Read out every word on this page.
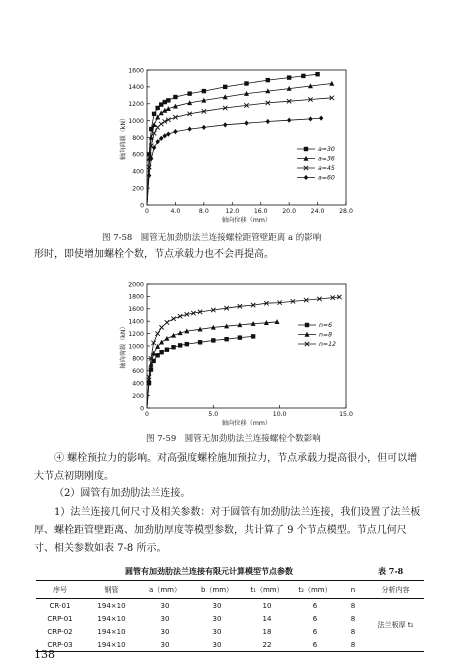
0
200
400
600
800
1000
1200
1400
1600
0	4.0	8.0	12.0 16.0 20.0 24.0 28.0
轴向位移（mm）
轴向荷载（kN）	a=30
a=36
a=45
a=60
图 7-58　圆管无加劲肋法兰连接螺栓距管壁距离 a 的影响
形时，即使增加螺栓个数，节点承载力也不会再提高。
0
200
400
600
800
1000
1200
1400
1600
1800
2000
0	5.0	10.0	15.0
轴向位移（mm）
轴向荷载（kN）	n=6
n=8
n=12
图 7-59　圆管无加劲肋法兰连接螺栓个数影响
④ 螺栓预拉力的影响。对高强度螺栓施加预拉力，节点承载力提高很小，但可以增大节点初期刚度。
（2）圆管有加劲肋法兰连接。
1）法兰连接几何尺寸及相关参数：对于圆管有加劲肋法兰连接，我们设置了法兰板厚、螺栓距管壁距离、加劲肋厚度等模型参数，共计算了 9 个节点模型。节点几何尺寸、相关参数如表 7-8 所示。
圆管有加劲肋法兰连接有限元计算模型节点参数	表 7-8
序号	钢管	a（mm）	b（mm）	t₁（mm）	t₂（mm）	n	分析内容
CR-01	194×10	30	30	10	6	8	法兰板厚 t₁
CRP-01	194×10	30	30	14	6	8	
CRP-02	194×10	30	30	18	6	8	
CRP-03	194×10	30	30	22	6	8	
138
